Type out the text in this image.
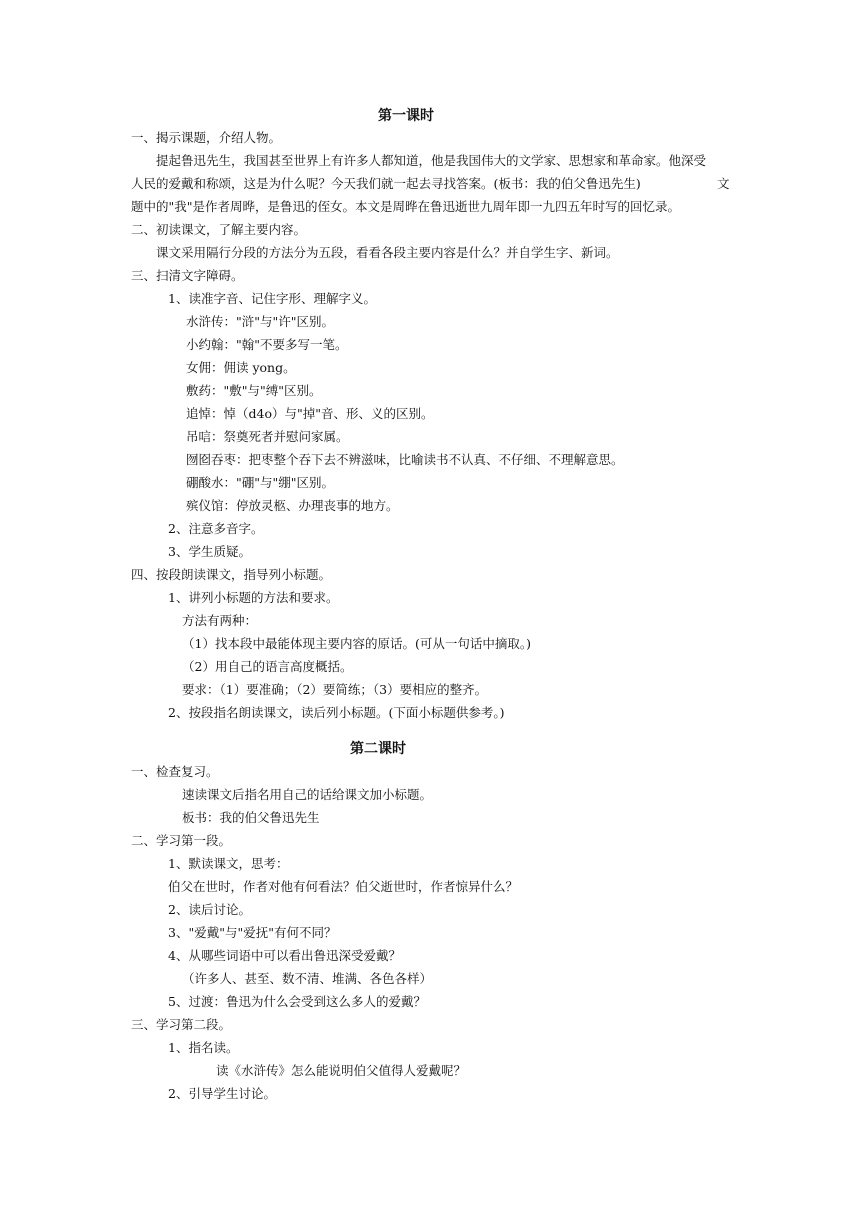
第一课时
一、揭示课题，介绍人物。
提起鲁迅先生，我国甚至世界上有许多人都知道，他是我国伟大的文学家、思想家和革命家。他深受
人民的爱戴和称颂，这是为什么呢？今天我们就一起去寻找答案。(板书：我的伯父鲁迅先生)	文
题中的"我"是作者周晔，是鲁迅的侄女。本文是周晔在鲁迅逝世九周年即一九四五年时写的回忆录。
二、初读课文，了解主要内容。
课文采用隔行分段的方法分为五段，看看各段主要内容是什么？并自学生字、新词。
三、扫清文字障碍。
1、读准字音、记住字形、理解字义。
水浒传："浒"与"许"区别。
小约翰："翰"不要多写一笔。
女佣：佣读 yong。
敷药："敷"与"缚"区别。
追悼：悼（d4o）与"掉"音、形、义的区别。
吊唁：祭奠死者并慰问家属。
囫囵吞枣：把枣整个吞下去不辨滋味，比喻读书不认真、不仔细、不理解意思。
硼酸水："硼"与"绷"区别。
殡仪馆：停放灵柩、办理丧事的地方。
2、注意多音字。
3、学生质疑。
四、按段朗读课文，指导列小标题。
1、讲列小标题的方法和要求。
方法有两种：
（1）找本段中最能体现主要内容的原话。(可从一句话中摘取。)
（2）用自己的语言高度概括。
要求：（1）要准确；（2）要简练；（3）要相应的整齐。
2、按段指名朗读课文，读后列小标题。(下面小标题供参考。)
第二课时
一、检查复习。
速读课文后指名用自己的话给课文加小标题。
板书：我的伯父鲁迅先生
二、学习第一段。
1、默读课文，思考：
伯父在世时，作者对他有何看法？伯父逝世时，作者惊异什么？
2、读后讨论。
3、"爱戴"与"爱抚"有何不同？
4、从哪些词语中可以看出鲁迅深受爱戴？
（许多人、甚至、数不清、堆满、各色各样）
5、过渡：鲁迅为什么会受到这么多人的爱戴？
三、学习第二段。
1、指名读。
读《水浒传》怎么能说明伯父值得人爱戴呢？
2、引导学生讨论。
